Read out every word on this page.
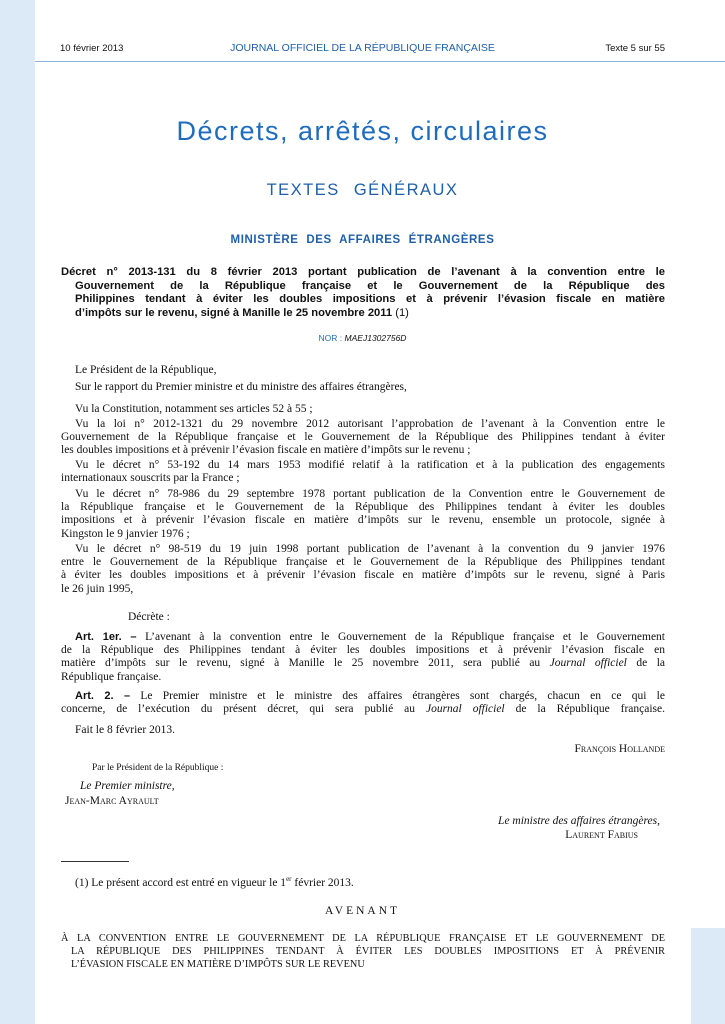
10 février 2013	JOURNAL OFFICIEL DE LA RÉPUBLIQUE FRANÇAISE	Texte 5 sur 55
Décrets, arrêtés, circulaires
TEXTES GÉNÉRAUX
MINISTÈRE DES AFFAIRES ÉTRANGÈRES
Décret n° 2013-131 du 8 février 2013 portant publication de l’avenant à la convention entre le
Gouvernement de la République française et le Gouvernement de la République des
Philippines tendant à éviter les doubles impositions et à prévenir l’évasion fiscale en matière
d’impôts sur le revenu, signé à Manille le 25 novembre 2011 (1)
NOR : MAEJ1302756D
Le Président de la République,
Sur le rapport du Premier ministre et du ministre des affaires étrangères,
Vu la Constitution, notamment ses articles 52 à 55 ;
Vu la loi n° 2012-1321 du 29 novembre 2012 autorisant l’approbation de l’avenant à la Convention entre le
Gouvernement de la République française et le Gouvernement de la République des Philippines tendant à éviter
les doubles impositions et à prévenir l’évasion fiscale en matière d’impôts sur le revenu ;
Vu le décret n° 53-192 du 14 mars 1953 modifié relatif à la ratification et à la publication des engagements
internationaux souscrits par la France ;
Vu le décret n° 78-986 du 29 septembre 1978 portant publication de la Convention entre le Gouvernement de
la République française et le Gouvernement de la République des Philippines tendant à éviter les doubles
impositions et à prévenir l’évasion fiscale en matière d’impôts sur le revenu, ensemble un protocole, signée à
Kingston le 9 janvier 1976 ;
Vu le décret n° 98-519 du 19 juin 1998 portant publication de l’avenant à la convention du 9 janvier 1976
entre le Gouvernement de la République française et le Gouvernement de la République des Philippines tendant
à éviter les doubles impositions et à prévenir l’évasion fiscale en matière d’impôts sur le revenu, signé à Paris
le 26 juin 1995,
Décrète :
Art. 1er. – L’avenant à la convention entre le Gouvernement de la République française et le Gouvernement
de la République des Philippines tendant à éviter les doubles impositions et à prévenir l’évasion fiscale en
matière d’impôts sur le revenu, signé à Manille le 25 novembre 2011, sera publié au Journal officiel de la
République française.
Art. 2. – Le Premier ministre et le ministre des affaires étrangères sont chargés, chacun en ce qui le
concerne, de l’exécution du présent décret, qui sera publié au Journal officiel de la République française.
Fait le 8 février 2013.
François Hollande
Par le Président de la République :
Le Premier ministre,
Jean-Marc Ayrault
Le ministre des affaires étrangères,
Laurent Fabius
(1) Le présent accord est entré en vigueur le 1er février 2013.
AVENANT
À LA CONVENTION ENTRE LE GOUVERNEMENT DE LA RÉPUBLIQUE FRANÇAISE ET LE GOUVERNEMENT DE
LA RÉPUBLIQUE DES PHILIPPINES TENDANT À ÉVITER LES DOUBLES IMPOSITIONS ET À PRÉVENIR
L’ÉVASION FISCALE EN MATIÈRE D’IMPÔTS SUR LE REVENU
